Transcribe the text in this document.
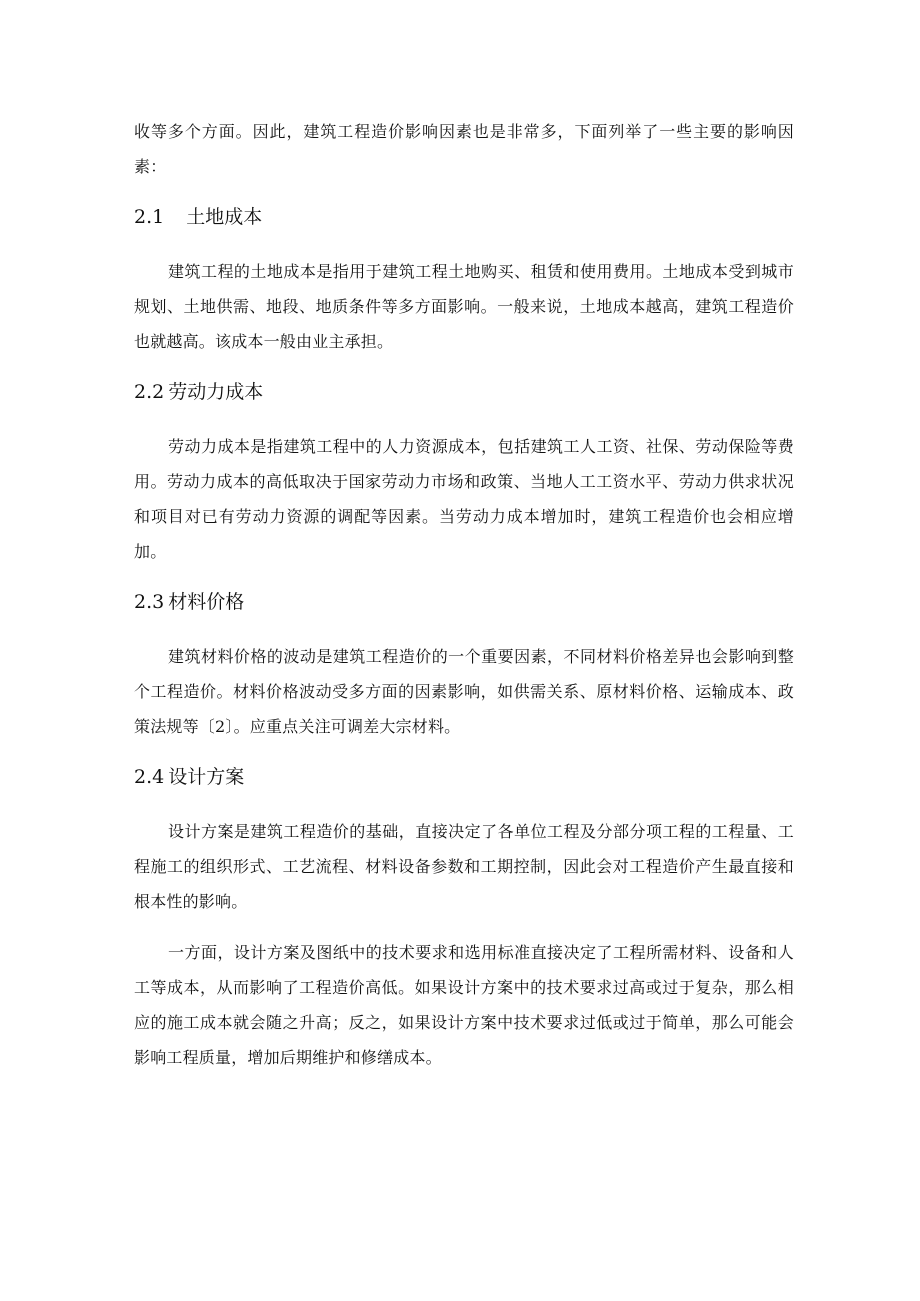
收等多个方面。因此，建筑工程造价影响因素也是非常多，下面列举了一些主要的影响因素：

2.1 土地成本

建筑工程的土地成本是指用于建筑工程土地购买、租赁和使用费用。土地成本受到城市规划、土地供需、地段、地质条件等多方面影响。一般来说，土地成本越高，建筑工程造价也就越高。该成本一般由业主承担。

2.2 劳动力成本

劳动力成本是指建筑工程中的人力资源成本，包括建筑工人工资、社保、劳动保险等费用。劳动力成本的高低取决于国家劳动力市场和政策、当地人工工资水平、劳动力供求状况和项目对已有劳动力资源的调配等因素。当劳动力成本增加时，建筑工程造价也会相应增加。

2.3 材料价格

建筑材料价格的波动是建筑工程造价的一个重要因素，不同材料价格差异也会影响到整个工程造价。材料价格波动受多方面的因素影响，如供需关系、原材料价格、运输成本、政策法规等〔2〕。应重点关注可调差大宗材料。

2.4 设计方案

设计方案是建筑工程造价的基础，直接决定了各单位工程及分部分项工程的工程量、工程施工的组织形式、工艺流程、材料设备参数和工期控制，因此会对工程造价产生最直接和根本性的影响。

一方面，设计方案及图纸中的技术要求和选用标准直接决定了工程所需材料、设备和人工等成本，从而影响了工程造价高低。如果设计方案中的技术要求过高或过于复杂，那么相应的施工成本就会随之升高；反之，如果设计方案中技术要求过低或过于简单，那么可能会影响工程质量，增加后期维护和修缮成本。
